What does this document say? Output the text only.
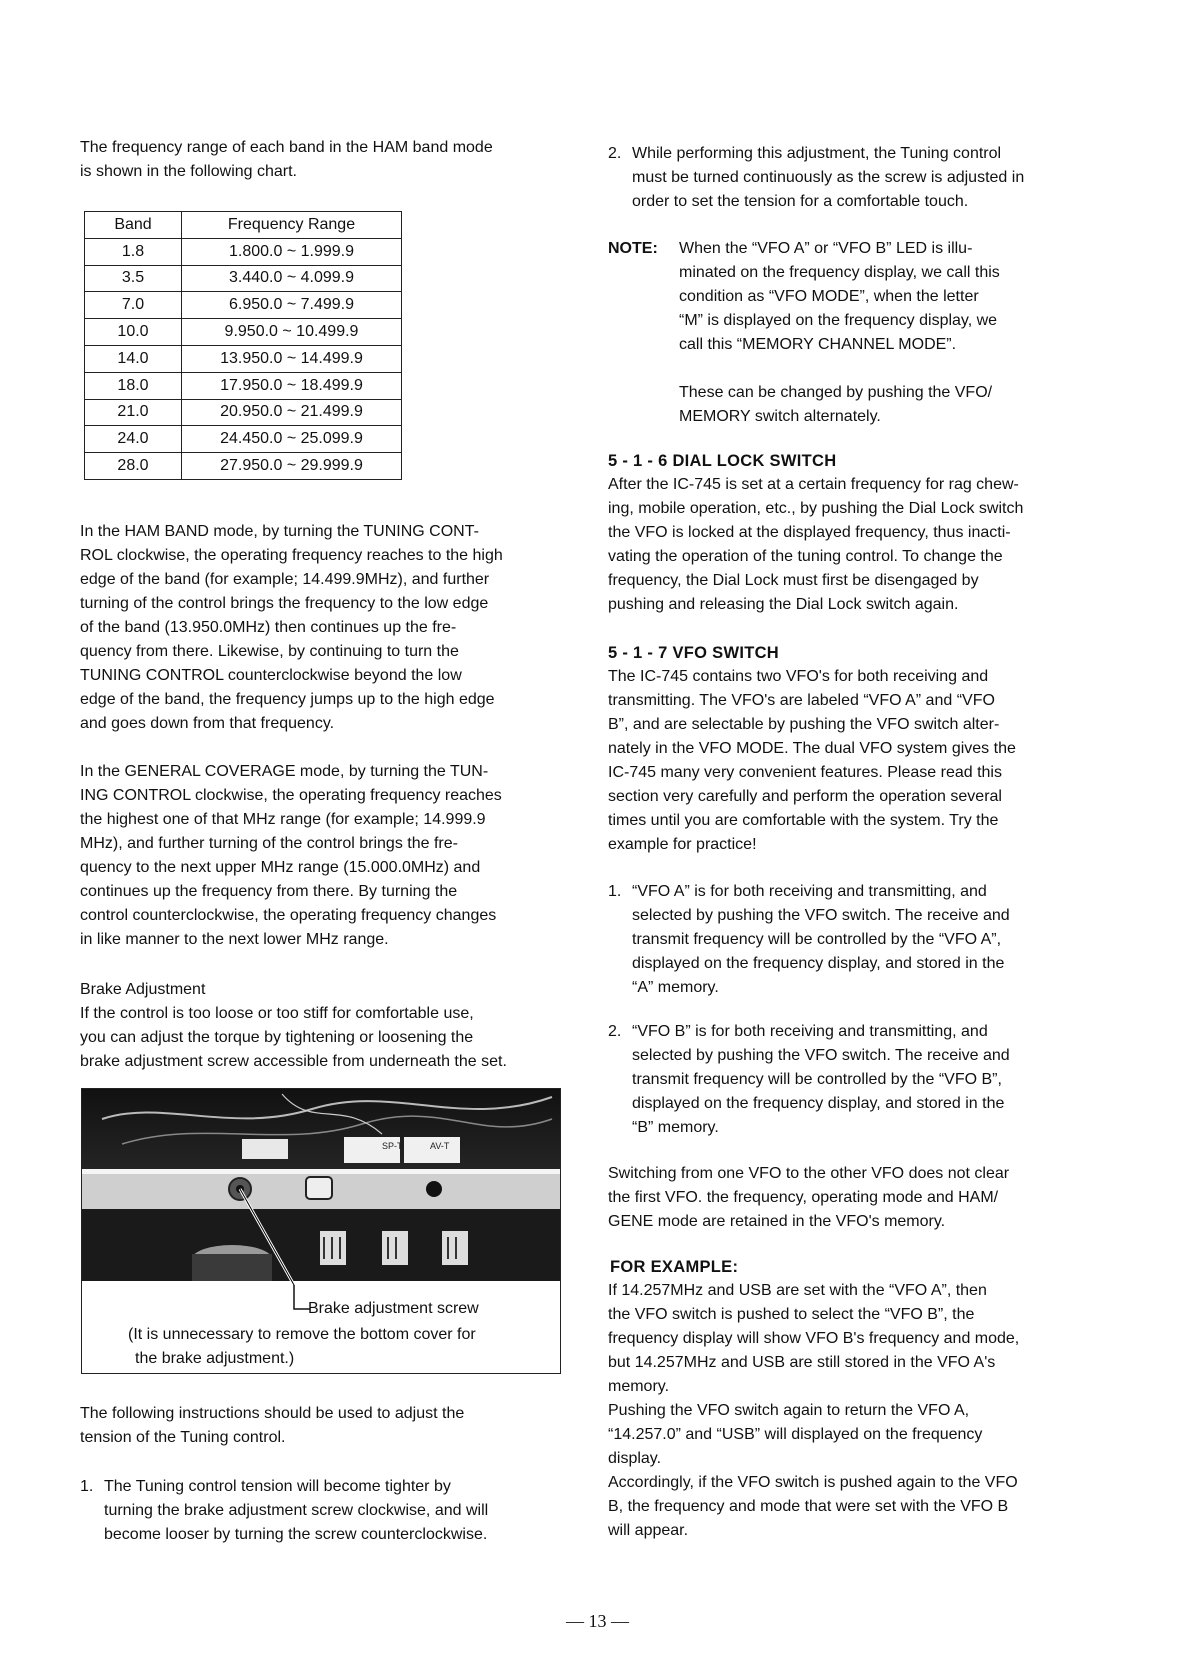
The frequency range of each band in the HAM band mode
is shown in the following chart.

Band	Frequency Range
1.8	1.800.0 ~ 1.999.9
3.5	3.440.0 ~ 4.099.9
7.0	6.950.0 ~ 7.499.9
10.0	9.950.0 ~ 10.499.9
14.0	13.950.0 ~ 14.499.9
18.0	17.950.0 ~ 18.499.9
21.0	20.950.0 ~ 21.499.9
24.0	24.450.0 ~ 25.099.9
28.0	27.950.0 ~ 29.999.9

In the HAM BAND mode, by turning the TUNING CONT-
ROL clockwise, the operating frequency reaches to the high
edge of the band (for example; 14.499.9MHz), and further
turning of the control brings the frequency to the low edge
of the band (13.950.0MHz) then continues up the fre-
quency from there. Likewise, by continuing to turn the
TUNING CONTROL counterclockwise beyond the low
edge of the band, the frequency jumps up to the high edge
and goes down from that frequency.

In the GENERAL COVERAGE mode, by turning the TUN-
ING CONTROL clockwise, the operating frequency reaches
the highest one of that MHz range (for example; 14.999.9
MHz), and further turning of the control brings the fre-
quency to the next upper MHz range (15.000.0MHz) and
continues up the frequency from there. By turning the
control counterclockwise, the operating frequency changes
in like manner to the next lower MHz range.

Brake Adjustment
If the control is too loose or too stiff for comfortable use,
you can adjust the torque by tightening or loosening the
brake adjustment screw accessible from underneath the set.

SP-T	AV-T
Brake adjustment screw
(It is unnecessary to remove the bottom cover for
the brake adjustment.)

The following instructions should be used to adjust the
tension of the Tuning control.

1. The Tuning control tension will become tighter by
turning the brake adjustment screw clockwise, and will
become looser by turning the screw counterclockwise.
2. While performing this adjustment, the Tuning control
must be turned continuously as the screw is adjusted in
order to set the tension for a comfortable touch.
NOTE: When the “VFO A” or “VFO B” LED is illu-
minated on the frequency display, we call this
condition as “VFO MODE”, when the letter
“M” is displayed on the frequency display, we
call this “MEMORY CHANNEL MODE”.
These can be changed by pushing the VFO/
MEMORY switch alternately.
5 - 1 - 6 DIAL LOCK SWITCH

After the IC-745 is set at a certain frequency for rag chew-
ing, mobile operation, etc., by pushing the Dial Lock switch
the VFO is locked at the displayed frequency, thus inacti-
vating the operation of the tuning control. To change the
frequency, the Dial Lock must first be disengaged by
pushing and releasing the Dial Lock switch again.

5 - 1 - 7 VFO SWITCH

The IC-745 contains two VFO's for both receiving and
transmitting. The VFO's are labeled “VFO A” and “VFO
B”, and are selectable by pushing the VFO switch alter-
nately in the VFO MODE. The dual VFO system gives the
IC-745 many very convenient features. Please read this
section very carefully and perform the operation several
times until you are comfortable with the system. Try the
example for practice!

1. “VFO A” is for both receiving and transmitting, and
selected by pushing the VFO switch. The receive and
transmit frequency will be controlled by the “VFO A”,
displayed on the frequency display, and stored in the
“A” memory.
2. “VFO B” is for both receiving and transmitting, and
selected by pushing the VFO switch. The receive and
transmit frequency will be controlled by the “VFO B”,
displayed on the frequency display, and stored in the
“B” memory.

Switching from one VFO to the other VFO does not clear
the first VFO. the frequency, operating mode and HAM/
GENE mode are retained in the VFO's memory.

FOR EXAMPLE:

If 14.257MHz and USB are set with the “VFO A”, then
the VFO switch is pushed to select the “VFO B”, the
frequency display will show VFO B's frequency and mode,
but 14.257MHz and USB are still stored in the VFO A's
memory.
Pushing the VFO switch again to return the VFO A,
“14.257.0” and “USB” will displayed on the frequency
display.
Accordingly, if the VFO switch is pushed again to the VFO
B, the frequency and mode that were set with the VFO B
will appear.

— 13 —
